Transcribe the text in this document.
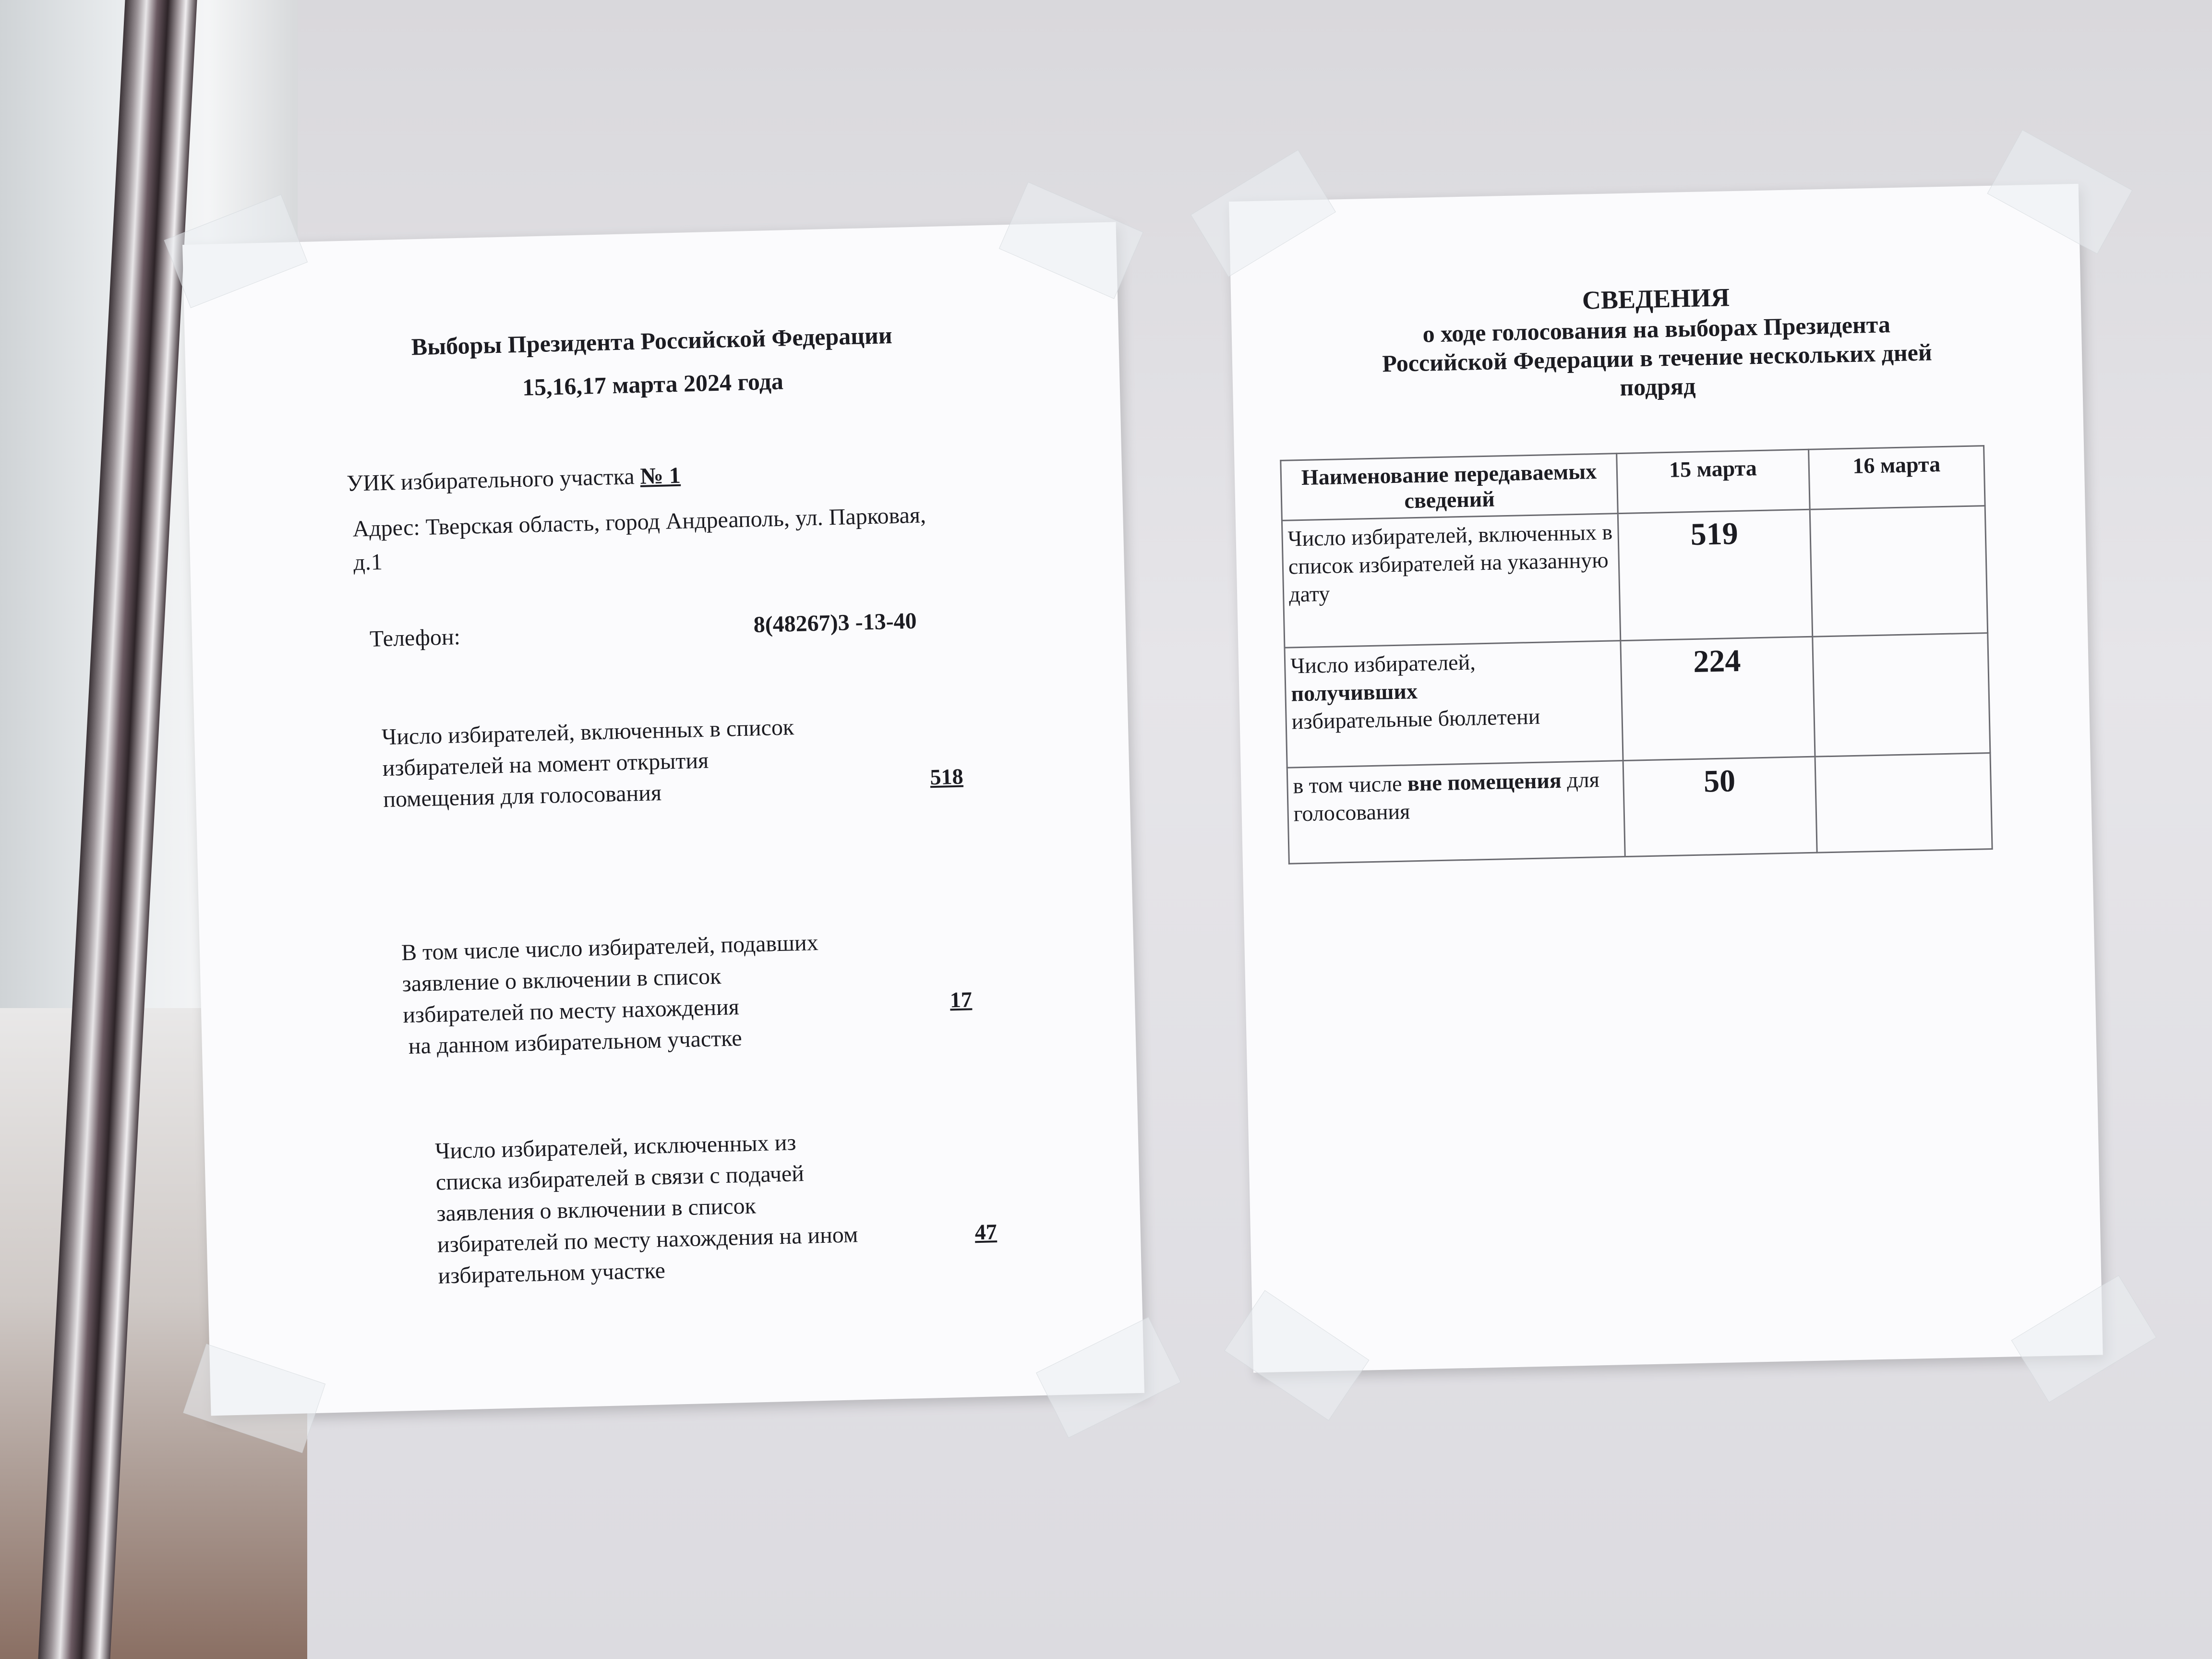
Выборы Президента Российской Федерации
15,16,17 марта 2024 года
УИК избирательного участка № 1
Адрес: Тверская область, город Андреаполь, ул. Парковая,
д.1
Телефон:
8(48267)3 -13-40
Число избирателей, включенных в список
избирателей на момент открытия
помещения для голосования
518
В том числе число избирателей, подавших
заявление о включении в список
избирателей по месту нахождения
на данном избирательном участке
17
Число избирателей, исключенных из
списка избирателей в связи с подачей
заявления о включении в список
избирателей по месту нахождения на ином
избирательном участке
47
СВЕДЕНИЯ
о ходе голосования на выборах Президента
Российской Федерации в течение нескольких дней
подряд
Наименование передаваемых сведений	15 марта	16 марта
Число избирателей, включенных в список избирателей на указанную дату	519	
Число избирателей,
получивших
избирательные бюллетени	224	
в том числе вне помещения для голосования	50	
